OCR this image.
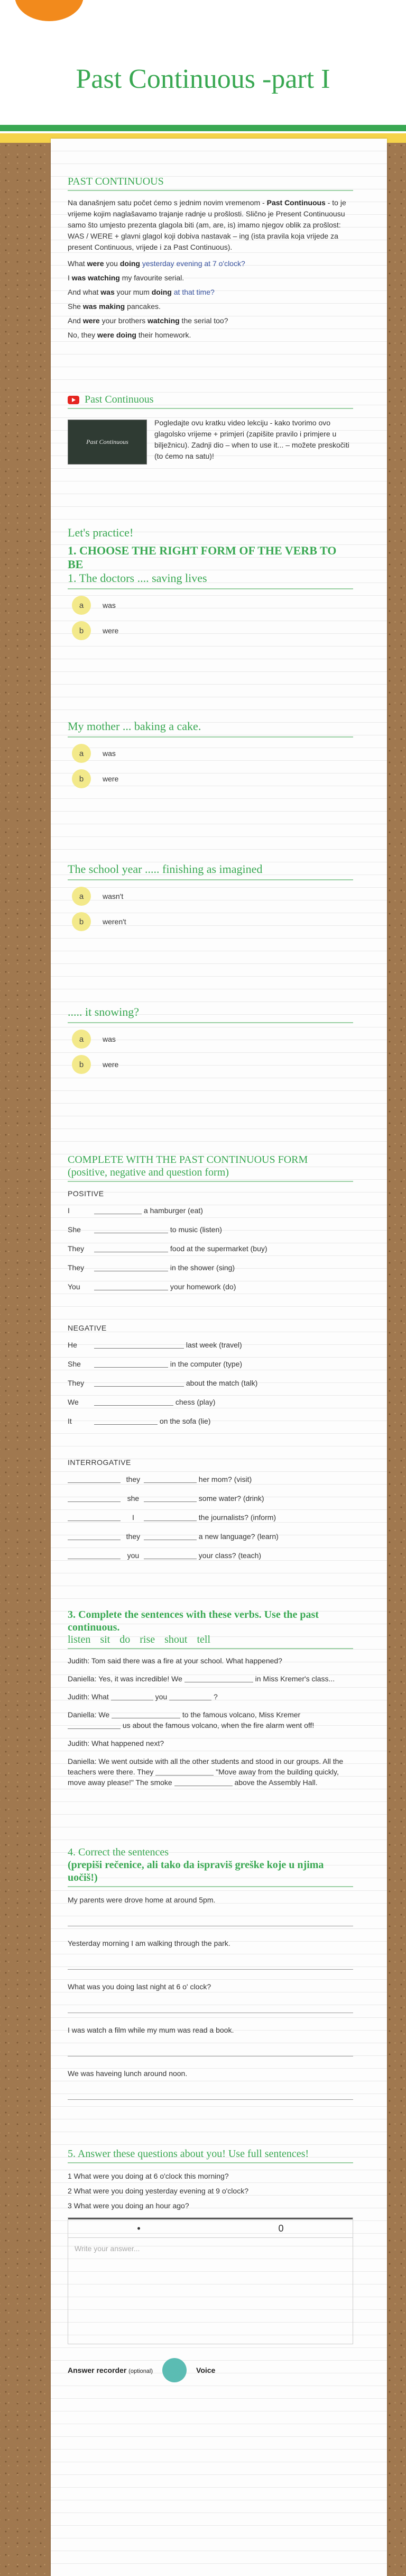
Past Continuous -part I
PAST CONTINUOUS

Na današnjem satu počet ćemo s jednim novim vremenom - Past Continuous - to je vrijeme kojim naglašavamo trajanje radnje u prošlosti. Slično je Present Continuousu samo što umjesto prezenta glagola biti (am, are, is) imamo njegov oblik za prošlost: WAS / WERE + glavni glagol koji dobiva nastavak – ing (ista pravila koja vrijede za present Continuous, vrijede i za Past Continuous).

What were you doing yesterday evening at 7 o'clock?

I was watching my favourite serial.

And what was your mum doing at that time?

She was making pancakes.

And were your brothers watching the serial too?

No, they were doing their homework.

Past Continuous
Past Continuous

Pogledajte ovu kratku video lekciju - kako tvorimo ovo glagolsko vrijeme + primjeri (zapišite pravilo i primjere u bilježnicu). Zadnji dio – when to use it... – možete preskočiti (to ćemo na satu)!

Let's practice!
1. CHOOSE THE RIGHT FORM OF THE VERB TO BE
1. The doctors .... saving lives
a	was
b	were
My mother ... baking a cake.
a	was
b	were
The school year ..... finishing as imagined
a	wasn't
b	weren't
..... it snowing?
a	was
b	were
COMPLETE WITH THE PAST CONTINUOUS FORM
(positive, negative and question form)
POSITIVE
I	a hamburger (eat)
She	to music (listen)
They	food at the supermarket (buy)
They	in the shower (sing)
You	your homework (do)
NEGATIVE
He	last week (travel)
She	in the computer (type)
They	about the match (talk)
We	chess (play)
It	on the sofa (lie)
INTERROGATIVE
they	her mom? (visit)
she	some water? (drink)
I	the journalists? (inform)
they	a new language? (learn)
you	your class? (teach)
3. Complete the sentences with these verbs. Use the past continuous.
listen sit do rise shout tell

Judith: Tom said there was a fire at your school. What happened?

Daniella: Yes, it was incredible! We	in Miss Kremer's class...

Judith: What	you	?

Daniella: We	to the famous volcano, Miss Kremer  us about the famous volcano, when the fire alarm went off!

Judith: What happened next?

Daniella: We went outside with all the other students and stood in our groups. All the teachers were there. They	"Move away from the building quickly, move away please!" The smoke	above the Assembly Hall.

4. Correct the sentences
(prepiši rečenice, ali tako da ispraviš greške koje u njima uočiš!)

My parents were drove home at around 5pm.

Yesterday morning I am walking through the park.

What was you doing last night at 6 o' clock?

I was watch a film while my mum was read a book.

We was haveing lunch around noon.

5. Answer these questions about you! Use full sentences!

1 What were you doing at 6 o'clock this morning?

2 What were you doing yesterday evening at 9 o'clock?

3 What were you doing an hour ago?

•	0
Write your answer...
Answer recorder (optional)	Voice
